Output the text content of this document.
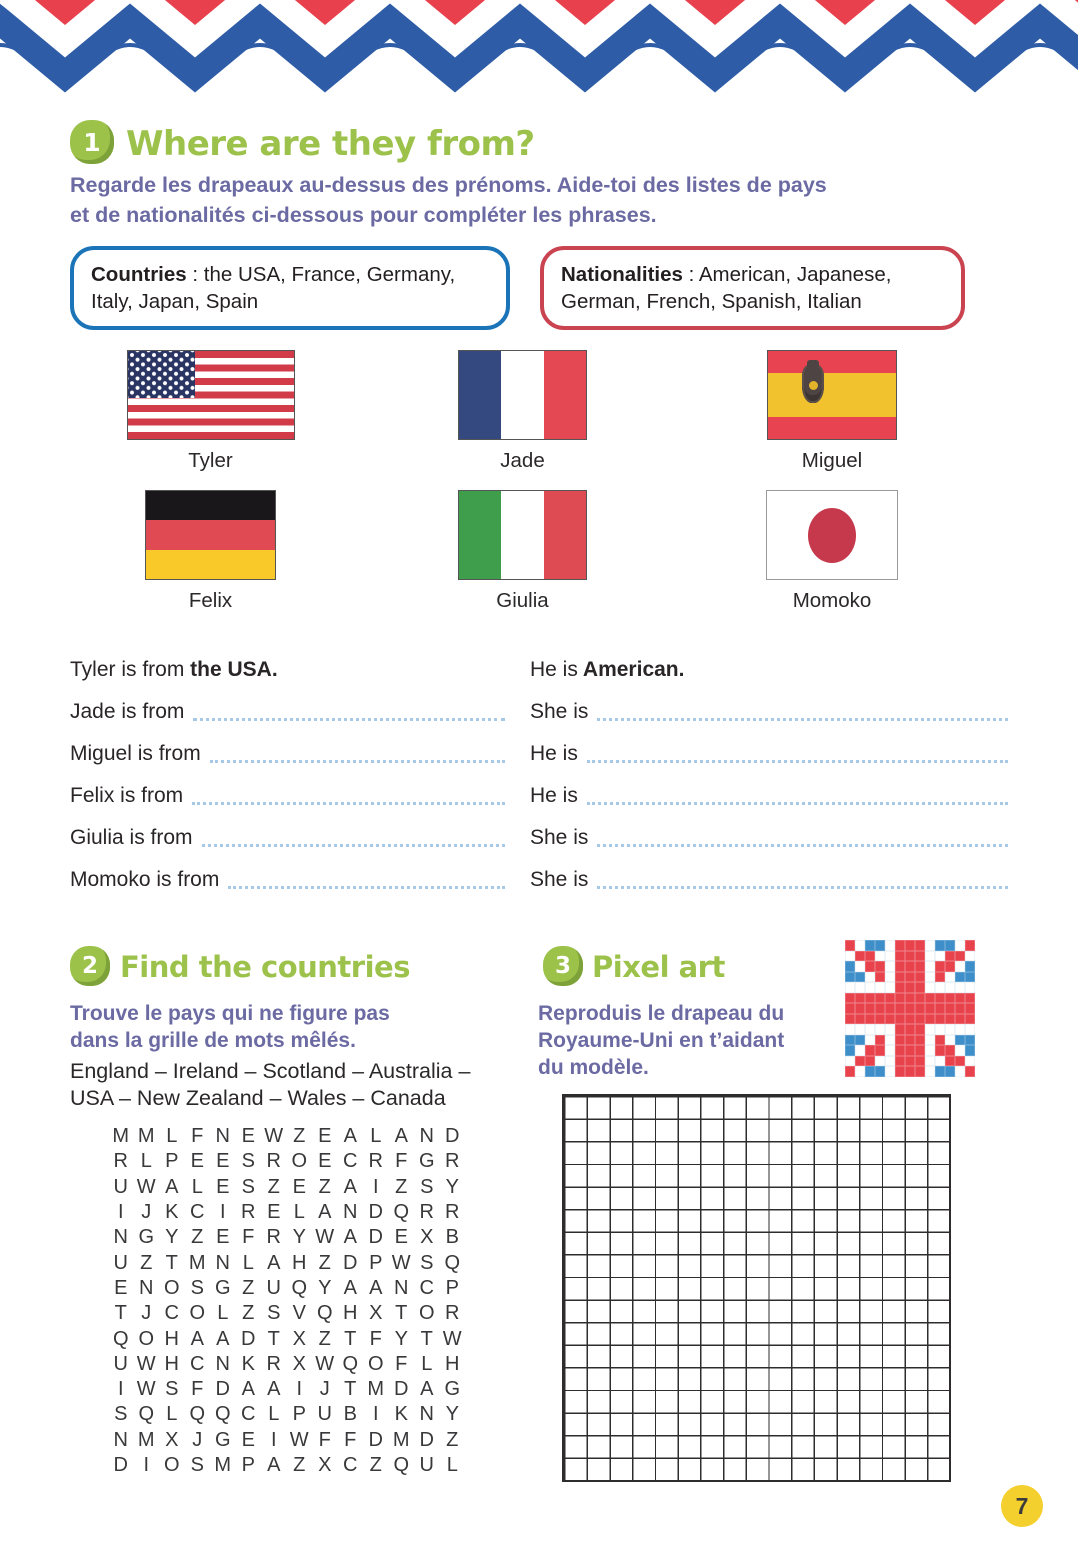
1 Where are they from?
Regarde les drapeaux au-dessus des prénoms. Aide-toi des listes de pays
et de nationalités ci-dessous pour compléter les phrases.
Countries : the USA, France, Germany, Italy, Japan, Spain
Nationalities : American, Japanese, German, French, Spanish, Italian
Tyler	Jade	Miguel
Felix	Giulia	Momoko
Tyler is from the USA.	He is American.
Jade is from	She is
Miguel is from	He is
Felix is from	He is
Giulia is from	She is
Momoko is from	She is
2 Find the countries
Trouve le pays qui ne figure pas
dans la grille de mots mêlés.
England – Ireland – Scotland – Australia –
USA – New Zealand – Wales – Canada
M M L F N E W Z E A L A N D
R L P E E S R O E C R F G R
U W A L E S Z E Z A I Z S Y
I J K C I R E L A N D Q R R
N G Y Z E F R Y W A D E X B
U Z T M N L A H Z D P W S Q
E N O S G Z U Q Y A A N C P
T J C O L Z S V Q H X T O R
Q O H A A D T X Z T F Y T W
U W H C N K R X W Q O F L H
I W S F D A A I J T M D A G
S Q L Q Q C L P U B I K N Y
N M X J G E I W F F D M D Z
D I O S M P A Z X C Z Q U L
3 Pixel art
Reproduis le drapeau du
Royaume-Uni en t’aidant
du modèle.
7
